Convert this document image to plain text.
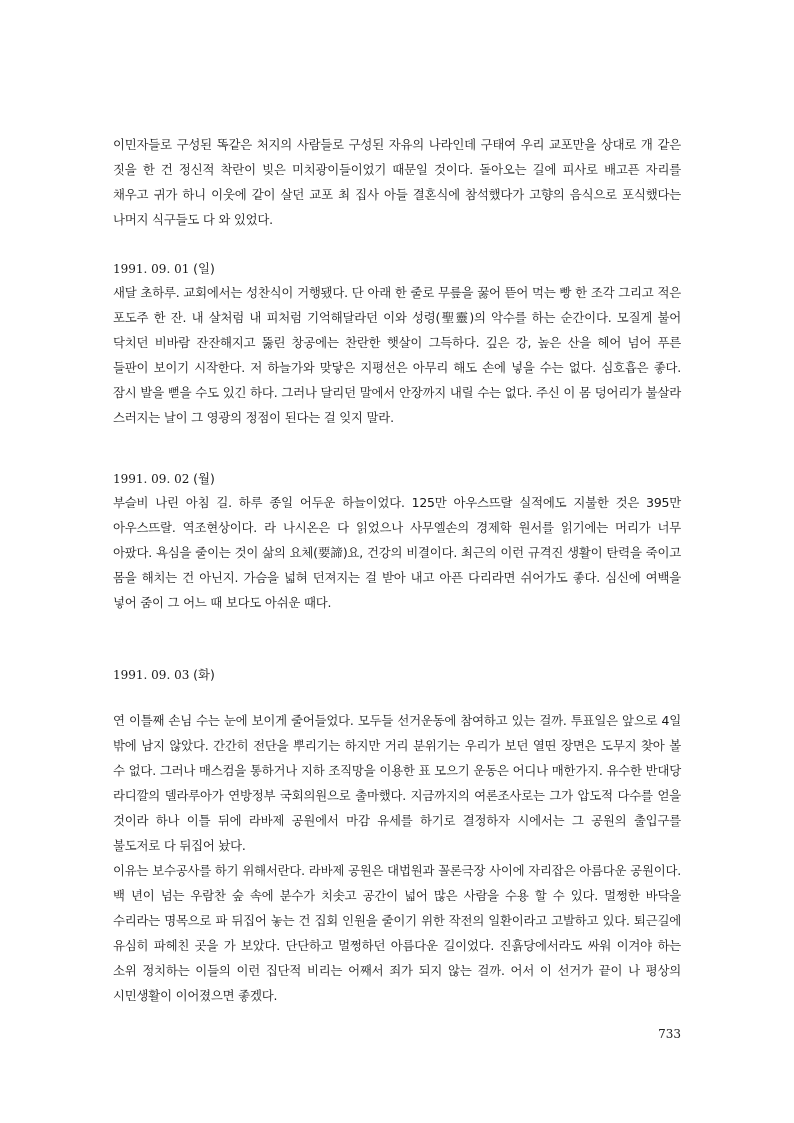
이민자들로 구성된 똑같은 처지의 사람들로 구성된 자유의 나라인데 구태여 우리 교포만을 상대로 개 같은 짓을 한 건 정신적 착란이 빚은 미치광이들이었기 때문일 것이다. 돌아오는 길에 피사로 배고픈 자리를 채우고 귀가 하니 이웃에 같이 살던 교포 최 집사 아들 결혼식에 참석했다가 고향의 음식으로 포식했다는 나머지 식구들도 다 와 있었다.

1991. 09. 01 (일)

새달 초하루. 교회에서는 성찬식이 거행됐다. 단 아래 한 줄로 무릎을 꿇어 뜯어 먹는 빵 한 조각 그리고 적은 포도주 한 잔. 내 살처럼 내 피처럼 기억해달라던 이와 성령(聖靈)의 악수를 하는 순간이다. 모질게 불어 닥치던 비바람 잔잔해지고 뚫린 창공에는 찬란한 햇살이 그득하다. 깊은 강, 높은 산을 헤어 넘어 푸른 들판이 보이기 시작한다. 저 하늘가와 맞닿은 지평선은 아무리 해도 손에 넣을 수는 없다. 심호흡은 좋다. 잠시 발을 뻗을 수도 있긴 하다. 그러나 달리던 말에서 안장까지 내릴 수는 없다. 주신 이 몸 덩어리가 불살라 스러지는 날이 그 영광의 정점이 된다는 걸 잊지 말라.

1991. 09. 02 (월)

부슬비 나린 아침 길. 하루 종일 어두운 하늘이었다. 125만 아우스뜨랄 실적에도 지불한 것은 395만 아우스뜨랄. 역조현상이다. 라 나시온은 다 읽었으나 사무엘손의 경제학 원서를 읽기에는 머리가 너무 아팠다. 욕심을 줄이는 것이 삶의 요체(要諦)요, 건강의 비결이다. 최근의 이런 규격진 생활이 탄력을 죽이고 몸을 해치는 건 아닌지. 가슴을 넓혀 던져지는 걸 받아 내고 아픈 다리라면 쉬어가도 좋다. 심신에 여백을 넣어 줌이 그 어느 때 보다도 아쉬운 때다.

1991. 09. 03 (화)

연 이틀째 손님 수는 눈에 보이게 줄어들었다. 모두들 선거운동에 참여하고 있는 걸까. 투표일은 앞으로 4일 밖에 남지 않았다. 간간히 전단을 뿌리기는 하지만 거리 분위기는 우리가 보던 열띤 장면은 도무지 찾아 볼 수 없다. 그러나 매스컴을 통하거나 지하 조직망을 이용한 표 모으기 운동은 어디나 매한가지. 유수한 반대당 라디깔의 델라루아가 연방정부 국회의원으로 출마했다. 지금까지의 여론조사로는 그가 압도적 다수를 얻을 것이라 하나 이틀 뒤에 라바제 공원에서 마감 유세를 하기로 결정하자 시에서는 그 공원의 출입구를 불도저로 다 뒤집어 놨다.

이유는 보수공사를 하기 위해서란다. 라바제 공원은 대법원과 꼴론극장 사이에 자리잡은 아름다운 공원이다. 백 년이 넘는 우람찬 숲 속에 분수가 치솟고 공간이 넓어 많은 사람을 수용 할 수 있다. 멀쩡한 바닥을 수리라는 명목으로 파 뒤집어 놓는 건 집회 인원을 줄이기 위한 작전의 일환이라고 고발하고 있다. 퇴근길에 유심히 파헤친 곳을 가 보았다. 단단하고 멀쩡하던 아름다운 길이었다. 진흙당에서라도 싸워 이겨야 하는 소위 정치하는 이들의 이런 집단적 비리는 어째서 죄가 되지 않는 걸까. 어서 이 선거가 끝이 나 평상의 시민생활이 이어졌으면 좋겠다.

733
